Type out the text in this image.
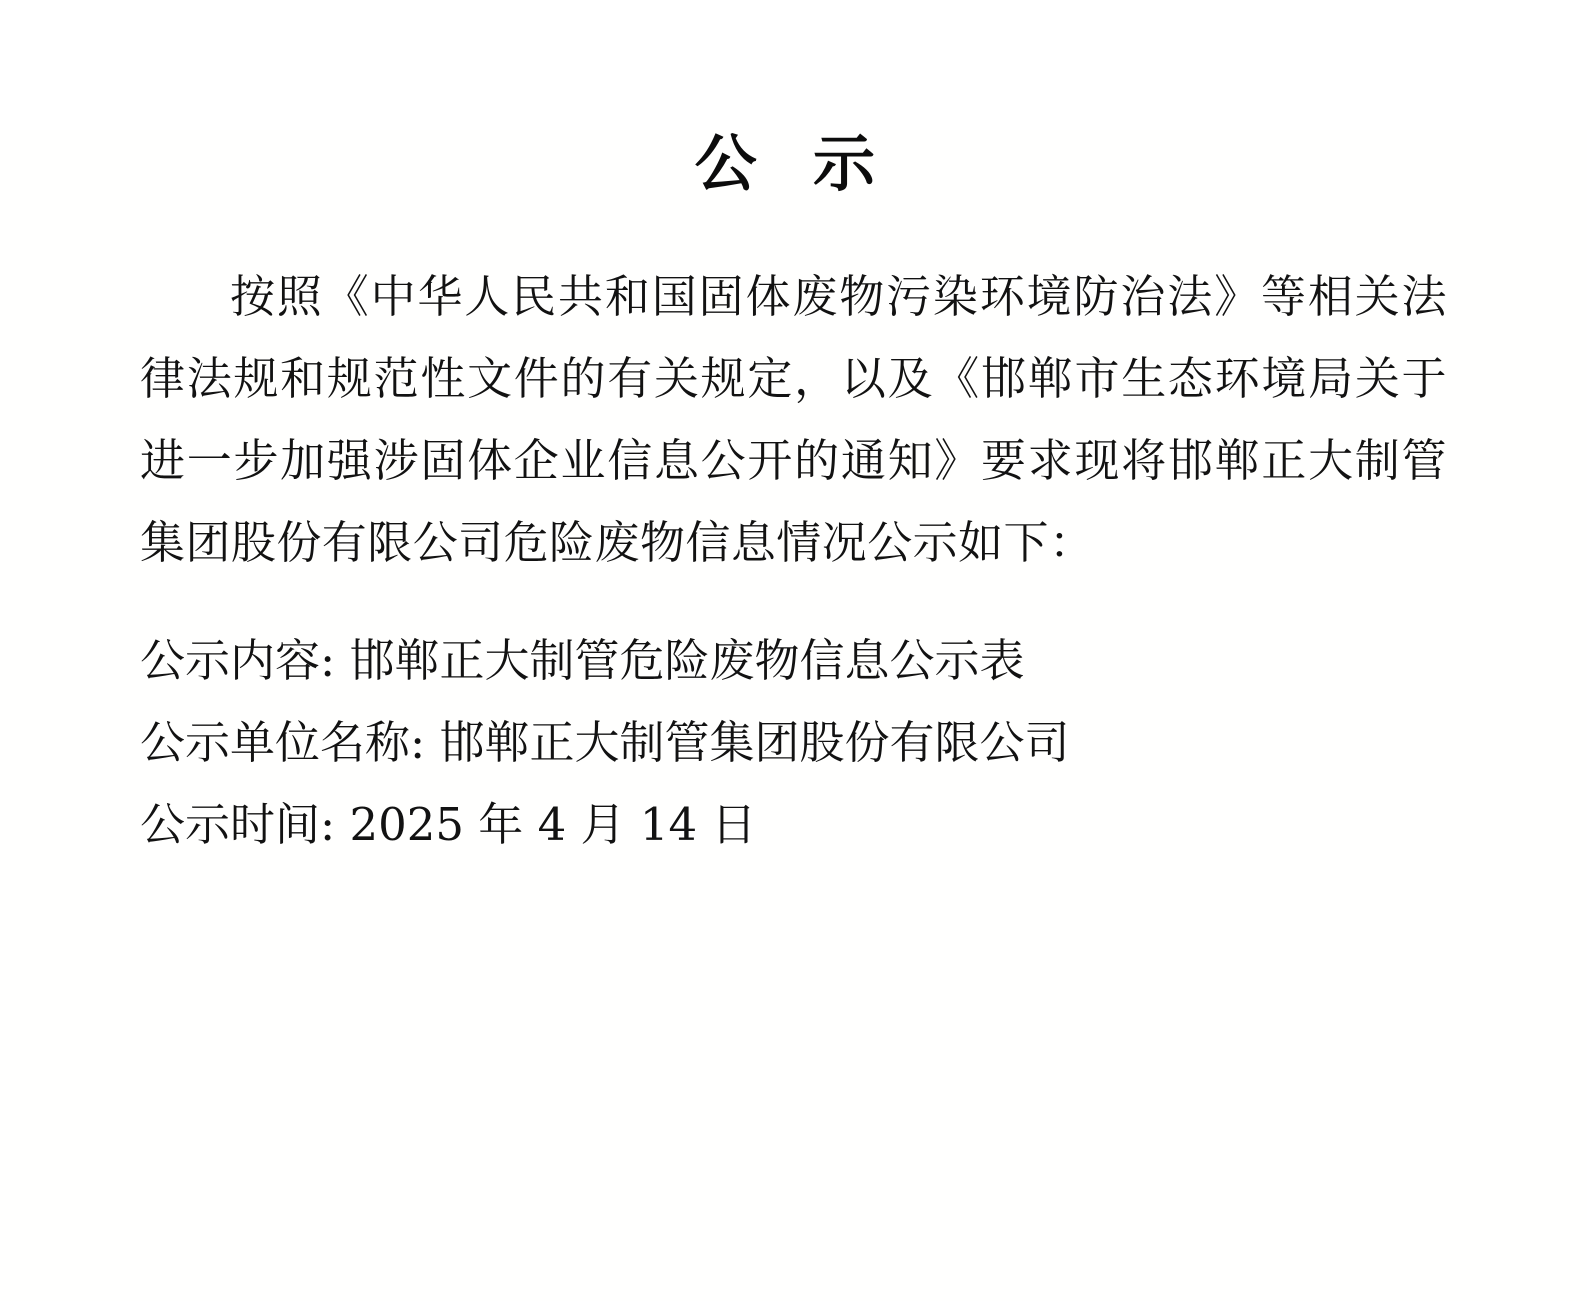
公 示

按照《中华人民共和国固体废物污染环境防治法》等相关法律法规和规范性文件的有关规定，以及《邯郸市生态环境局关于进一步加强涉固体企业信息公开的通知》要求现将邯郸正大制管集团股份有限公司危险废物信息情况公示如下：

公示内容: 邯郸正大制管危险废物信息公示表

公示单位名称: 邯郸正大制管集团股份有限公司

公示时间: 2025 年 4 月 14 日
